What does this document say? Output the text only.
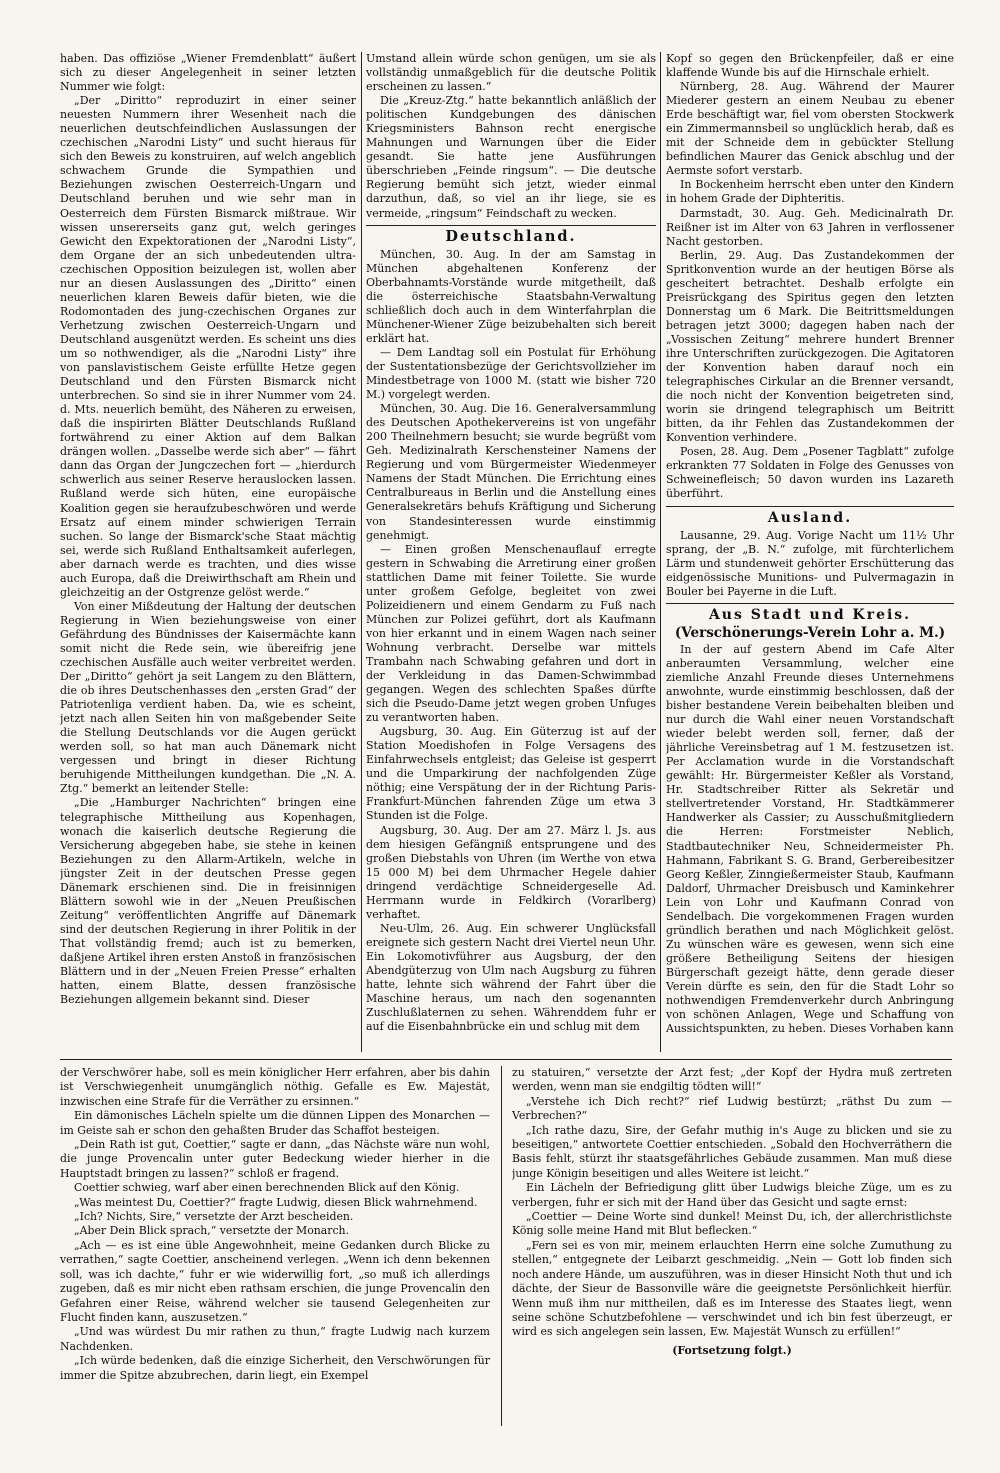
haben. Das offiziöse „Wiener Fremdenblatt“ äußert sich zu dieser Angelegenheit in seiner letzten Nummer wie folgt:

„Der „Diritto“ reproduzirt in einer seiner neuesten Nummern ihrer Wesenheit nach die neuerlichen deutschfeindlichen Auslassungen der czechischen „Narodni Listy“ und sucht hieraus für sich den Beweis zu konstruiren, auf welch angeblich schwachem Grunde die Sympathien und Beziehungen zwischen Oesterreich-Ungarn und Deutschland beruhen und wie sehr man in Oesterreich dem Fürsten Bismarck mißtraue. Wir wissen unsererseits ganz gut, welch geringes Gewicht den Expektorationen der „Narodni Listy“, dem Organe der an sich unbedeutenden ultra-czechischen Opposition beizulegen ist, wollen aber nur an diesen Auslassungen des „Diritto“ einen neuerlichen klaren Beweis dafür bieten, wie die Rodomontaden des jung-czechischen Organes zur Verhetzung zwischen Oesterreich-Ungarn und Deutschland ausgenützt werden. Es scheint uns dies um so nothwendiger, als die „Narodni Listy“ ihre von panslavistischem Geiste erfüllte Hetze gegen Deutschland und den Fürsten Bismarck nicht unterbrechen. So sind sie in ihrer Nummer vom 24. d. Mts. neuerlich bemüht, des Näheren zu erweisen, daß die inspirirten Blätter Deutschlands Rußland fortwährend zu einer Aktion auf dem Balkan drängen wollen. „Dasselbe werde sich aber“ — fährt dann das Organ der Jungczechen fort — „hierdurch schwerlich aus seiner Reserve herauslocken lassen. Rußland werde sich hüten, eine europäische Koalition gegen sie heraufzubeschwören und werde Ersatz auf einem minder schwierigen Terrain suchen. So lange der Bismarck'sche Staat mächtig sei, werde sich Rußland Enthaltsamkeit auferlegen, aber darnach werde es trachten, und dies wisse auch Europa, daß die Dreiwirthschaft am Rhein und gleichzeitig an der Ostgrenze gelöst werde.“

Von einer Mißdeutung der Haltung der deutschen Regierung in Wien beziehungsweise von einer Gefährdung des Bündnisses der Kaisermächte kann somit nicht die Rede sein, wie übereifrig jene czechischen Ausfälle auch weiter verbreitet werden. Der „Diritto“ gehört ja seit Langem zu den Blättern, die ob ihres Deutschenhasses den „ersten Grad“ der Patriotenliga verdient haben. Da, wie es scheint, jetzt nach allen Seiten hin von maßgebender Seite die Stellung Deutschlands vor die Augen gerückt werden soll, so hat man auch Dänemark nicht vergessen und bringt in dieser Richtung beruhigende Mittheilungen kundgethan. Die „N. A. Ztg.“ bemerkt an leitender Stelle:

„Die „Hamburger Nachrichten“ bringen eine telegraphische Mittheilung aus Kopenhagen, wonach die kaiserlich deutsche Regierung die Versicherung abgegeben habe, sie stehe in keinen Beziehungen zu den Allarm-Artikeln, welche in jüngster Zeit in der deutschen Presse gegen Dänemark erschienen sind. Die in freisinnigen Blättern sowohl wie in der „Neuen Preußischen Zeitung“ veröffentlichten Angriffe auf Dänemark sind der deutschen Regierung in ihrer Politik in der That vollständig fremd; auch ist zu bemerken, daßjene Artikel ihren ersten Anstoß in französischen Blättern und in der „Neuen Freien Presse“ erhalten hatten, einem Blatte, dessen französische Beziehungen allgemein bekannt sind. Dieser

Umstand allein würde schon genügen, um sie als vollständig unmaßgeblich für die deutsche Politik erscheinen zu lassen.“

Die „Kreuz-Ztg.“ hatte bekanntlich anläßlich der politischen Kundgebungen des dänischen Kriegsministers Bahnson recht energische Mahnungen und Warnungen über die Eider gesandt. Sie hatte jene Ausführungen überschrieben „Feinde ringsum“. — Die deutsche Regierung bemüht sich jetzt, wieder einmal darzuthun, daß, so viel an ihr liege, sie es vermeide, „ringsum“ Feindschaft zu wecken.

Deutschland.

München, 30. Aug. In der am Samstag in München abgehaltenen Konferenz der Oberbahnamts-Vorstände wurde mitgetheilt, daß die österreichische Staatsbahn-Verwaltung schließlich doch auch in dem Winterfahrplan die Münchener-Wiener Züge beizubehalten sich bereit erklärt hat.

— Dem Landtag soll ein Postulat für Erhöhung der Sustentationsbezüge der Gerichtsvollzieher im Mindestbetrage von 1000 M. (statt wie bisher 720 M.) vorgelegt werden.

München, 30. Aug. Die 16. Generalversammlung des Deutschen Apothekervereins ist von ungefähr 200 Theilnehmern besucht; sie wurde begrüßt vom Geh. Medizinalrath Kerschensteiner Namens der Regierung und vom Bürgermeister Wiedenmeyer Namens der Stadt München. Die Errichtung eines Centralbureaus in Berlin und die Anstellung eines Generalsekretärs behufs Kräftigung und Sicherung von Standesinteressen wurde einstimmig genehmigt.

— Einen großen Menschenauflauf erregte gestern in Schwabing die Arretirung einer großen stattlichen Dame mit feiner Toilette. Sie wurde unter großem Gefolge, begleitet von zwei Polizeidienern und einem Gendarm zu Fuß nach München zur Polizei geführt, dort als Kaufmann von hier erkannt und in einem Wagen nach seiner Wohnung verbracht. Derselbe war mittels Trambahn nach Schwabing gefahren und dort in der Verkleidung in das Damen-Schwimmbad gegangen. Wegen des schlechten Spaßes dürfte sich die Pseudo-Dame jetzt wegen groben Unfuges zu verantworten haben.

Augsburg, 30. Aug. Ein Güterzug ist auf der Station Moedishofen in Folge Versagens des Einfahrwechsels entgleist; das Geleise ist gesperrt und die Umparkirung der nachfolgenden Züge nöthig; eine Verspätung der in der Richtung Paris-Frankfurt-München fahrenden Züge um etwa 3 Stunden ist die Folge.

Augsburg, 30. Aug. Der am 27. März l. Js. aus dem hiesigen Gefängniß entsprungene und des großen Diebstahls von Uhren (im Werthe von etwa 15 000 M) bei dem Uhrmacher Hegele dahier dringend verdächtige Schneidergeselle Ad. Herrmann wurde in Feldkirch (Vorarlberg) verhaftet.

Neu-Ulm, 26. Aug. Ein schwerer Unglücksfall ereignete sich gestern Nacht drei Viertel neun Uhr. Ein Lokomotivführer aus Augsburg, der den Abendgüterzug von Ulm nach Augsburg zu führen hatte, lehnte sich während der Fahrt über die Maschine heraus, um nach den sogenannten Zuschlußlaternen zu sehen. Währenddem fuhr er auf die Eisenbahnbrücke ein und schlug mit dem

Kopf so gegen den Brückenpfeiler, daß er eine klaffende Wunde bis auf die Hirnschale erhielt.

Nürnberg, 28. Aug. Während der Maurer Miederer gestern an einem Neubau zu ebener Erde beschäftigt war, fiel vom obersten Stockwerk ein Zimmermannsbeil so unglücklich herab, daß es mit der Schneide dem in gebückter Stellung befindlichen Maurer das Genick abschlug und der Aermste sofort verstarb.

In Bockenheim herrscht eben unter den Kindern in hohem Grade der Diphteritis.

Darmstadt, 30. Aug. Geh. Medicinalrath Dr. Reißner ist im Alter von 63 Jahren in verflossener Nacht gestorben.

Berlin, 29. Aug. Das Zustandekommen der Spritkonvention wurde an der heutigen Börse als gescheitert betrachtet. Deshalb erfolgte ein Preisrückgang des Spiritus gegen den letzten Donnerstag um 6 Mark. Die Beitrittsmeldungen betragen jetzt 3000; dagegen haben nach der „Vossischen Zeitung“ mehrere hundert Brenner ihre Unterschriften zurückgezogen. Die Agitatoren der Konvention haben darauf noch ein telegraphisches Cirkular an die Brenner versandt, die noch nicht der Konvention beigetreten sind, worin sie dringend telegraphisch um Beitritt bitten, da ihr Fehlen das Zustandekommen der Konvention verhindere.

Posen, 28. Aug. Dem „Posener Tagblatt“ zufolge erkrankten 77 Soldaten in Folge des Genusses von Schweinefleisch; 50 davon wurden ins Lazareth überführt.

Ausland.

Lausanne, 29. Aug. Vorige Nacht um 11½ Uhr sprang, der „B. N.“ zufolge, mit fürchterlichem Lärm und stundenweit gehörter Erschütterung das eidgenössische Munitions- und Pulvermagazin in Bouler bei Payerne in die Luft.

Aus Stadt und Kreis.
(Verschönerungs-Verein Lohr a. M.)

In der auf gestern Abend im Cafe Alter anberaumten Versammlung, welcher eine ziemliche Anzahl Freunde dieses Unternehmens anwohnte, wurde einstimmig beschlossen, daß der bisher bestandene Verein beibehalten bleiben und nur durch die Wahl einer neuen Vorstandschaft wieder belebt werden soll, ferner, daß der jährliche Vereinsbetrag auf 1 M. festzusetzen ist. Per Acclamation wurde in die Vorstandschaft gewählt: Hr. Bürgermeister Keßler als Vorstand, Hr. Stadtschreiber Ritter als Sekretär und stellvertretender Vorstand, Hr. Stadtkämmerer Handwerker als Cassier; zu Ausschußmitgliedern die Herren: Forstmeister Neblich, Stadtbautechniker Neu, Schneidermeister Ph. Hahmann, Fabrikant S. G. Brand, Gerbereibesitzer Georg Keßler, Zinngießermeister Staub, Kaufmann Daldorf, Uhrmacher Dreisbusch und Kaminkehrer Lein von Lohr und Kaufmann Conrad von Sendelbach. Die vorgekommenen Fragen wurden gründlich berathen und nach Möglichkeit gelöst. Zu wünschen wäre es gewesen, wenn sich eine größere Betheiligung Seitens der hiesigen Bürgerschaft gezeigt hätte, denn gerade dieser Verein dürfte es sein, den für die Stadt Lohr so nothwendigen Fremdenverkehr durch Anbringung von schönen Anlagen, Wege und Schaffung von Aussichtspunkten, zu heben. Dieses Vorhaben kann

der Verschwörer habe, soll es mein königlicher Herr erfahren, aber bis dahin ist Verschwiegenheit unumgänglich nöthig. Gefalle es Ew. Majestät, inzwischen eine Strafe für die Verräther zu ersinnen.“

Ein dämonisches Lächeln spielte um die dünnen Lippen des Monarchen — im Geiste sah er schon den gehaßten Bruder das Schaffot besteigen.

„Dein Rath ist gut, Coettier,“ sagte er dann, „das Nächste wäre nun wohl, die junge Provencalin unter guter Bedeckung wieder hierher in die Hauptstadt bringen zu lassen?“ schloß er fragend.

Coettier schwieg, warf aber einen berechnenden Blick auf den König.

„Was meintest Du, Coettier?“ fragte Ludwig, diesen Blick wahrnehmend.

„Ich? Nichts, Sire,“ versetzte der Arzt bescheiden.

„Aber Dein Blick sprach,“ versetzte der Monarch.

„Ach — es ist eine üble Angewohnheit, meine Gedanken durch Blicke zu verrathen,“ sagte Coettier, anscheinend verlegen. „Wenn ich denn bekennen soll, was ich dachte,“ fuhr er wie widerwillig fort, „so muß ich allerdings zugeben, daß es mir nicht eben rathsam erschien, die junge Provencalin den Gefahren einer Reise, während welcher sie tausend Gelegenheiten zur Flucht finden kann, auszusetzen.“

„Und was würdest Du mir rathen zu thun,“ fragte Ludwig nach kurzem Nachdenken.

„Ich würde bedenken, daß die einzige Sicherheit, den Verschwörungen für immer die Spitze abzubrechen, darin liegt, ein Exempel

zu statuiren,“ versetzte der Arzt fest; „der Kopf der Hydra muß zertreten werden, wenn man sie endgiltig tödten will!“

„Verstehe ich Dich recht?“ rief Ludwig bestürzt; „räthst Du zum — Verbrechen?“

„Ich rathe dazu, Sire, der Gefahr muthig in's Auge zu blicken und sie zu beseitigen,“ antwortete Coettier entschieden. „Sobald den Hochverräthern die Basis fehlt, stürzt ihr staatsgefährliches Gebäude zusammen. Man muß diese junge Königin beseitigen und alles Weitere ist leicht.“

Ein Lächeln der Befriedigung glitt über Ludwigs bleiche Züge, um es zu verbergen, fuhr er sich mit der Hand über das Gesicht und sagte ernst:

„Coettier — Deine Worte sind dunkel! Meinst Du, ich, der allerchristlichste König solle meine Hand mit Blut beflecken.“

„Fern sei es von mir, meinem erlauchten Herrn eine solche Zumuthung zu stellen,“ entgegnete der Leibarzt geschmeidig. „Nein — Gott lob finden sich noch andere Hände, um auszuführen, was in dieser Hinsicht Noth thut und ich dächte, der Sieur de Bassonville wäre die geeignetste Persönlichkeit hierfür. Wenn muß ihm nur mittheilen, daß es im Interesse des Staates liegt, wenn seine schöne Schutzbefohlene — verschwindet und ich bin fest überzeugt, er wird es sich angelegen sein lassen, Ew. Majestät Wunsch zu erfüllen!“

(Fortsetzung folgt.)
